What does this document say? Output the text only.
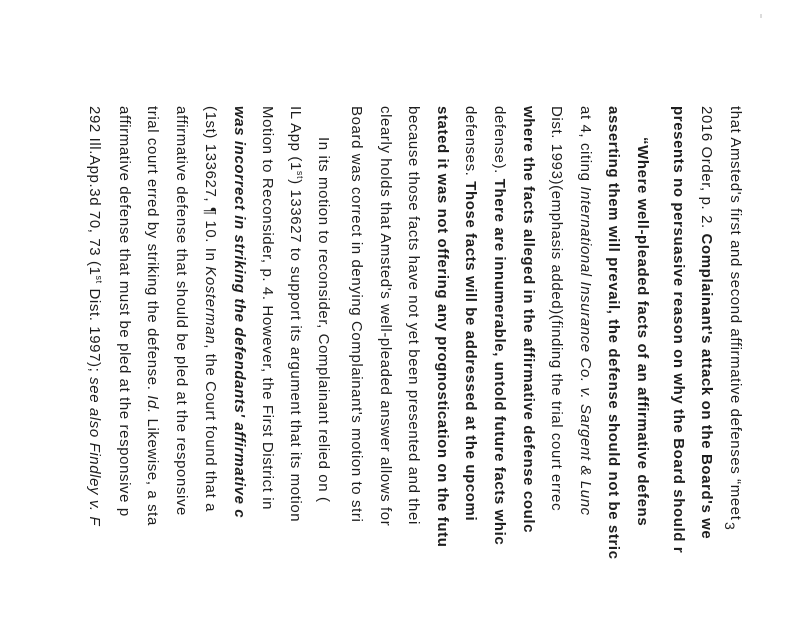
that Amsted's first and second affirmative defenses “meet
2016 Order, p. 2. Complainant's attack on the Board's we
presents no persuasive reason on why the Board should r
“Where well-pleaded facts of an affirmative defens
asserting them will prevail, the defense should not be stric
at 4, citing International Insurance Co. v. Sargent & Lunc
Dist. 1993)(emphasis added)(finding the trial court errec
where the facts alleged in the affirmative defense coulc
defense). There are innumerable, untold future facts whic
defenses. Those facts will be addressed at the upcomi
stated it was not offering any prognostication on the futu
because those facts have not yet been presented and thei
clearly holds that Amsted's well-pleaded answer allows for
Board was correct in denying Complainant's motion to stri
In its motion to reconsider, Complainant relied on (
IL App (1st) 133627 to support its argument that its motion
Motion to Reconsider, p. 4. However, the First District in
was incorrect in striking the defendants' affirmative c
(1st) 133627, ¶ 10. In Kosterman, the Court found that a
affirmative defense that should be pled at the responsive
trial court erred by striking the defense. Id. Likewise, a sta
affirmative defense that must be pled at the responsive p
292 Ill.App.3d 70, 73 (1st Dist. 1997); see also Findley v. F	3
